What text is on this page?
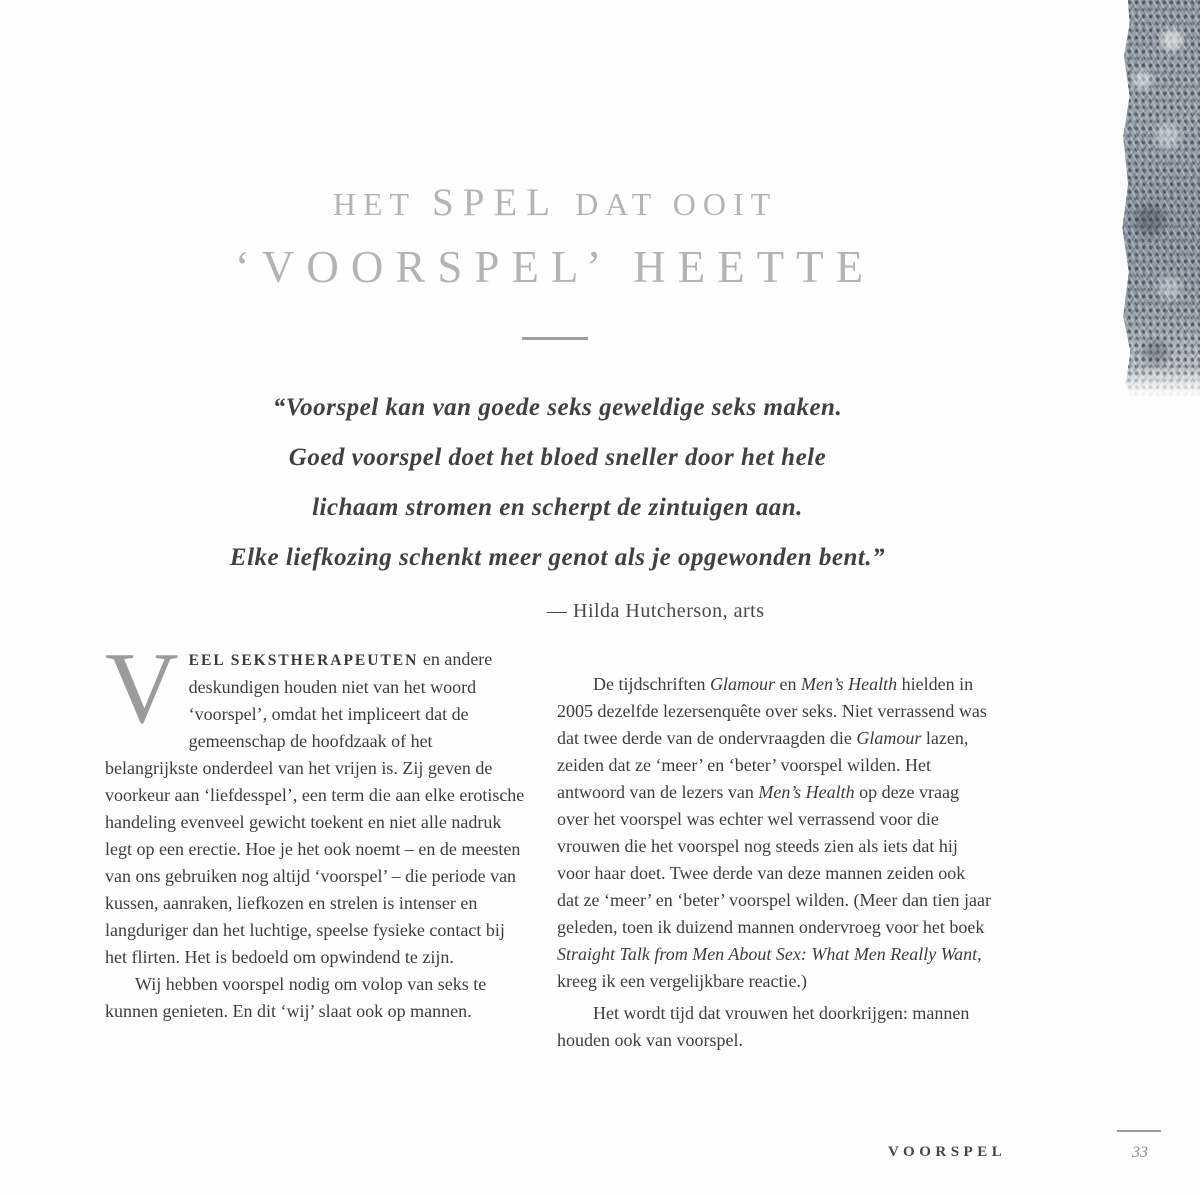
HET SPEL DAT OOIT
‘VOORSPEL’ HEETTE
“Voorspel kan van goede seks geweldige seks maken.
Goed voorspel doet het bloed sneller door het hele
lichaam stromen en scherpt de zintuigen aan.
Elke liefkozing schenkt meer genot als je opgewonden bent.”
— Hilda Hutcherson, arts

VEEL SEKSTHERAPEUTEN en andere deskundigen houden niet van het woord ‘voorspel’, omdat het impliceert dat de gemeenschap de hoofdzaak of het belangrijkste onderdeel van het vrijen is. Zij geven de voorkeur aan ‘liefdesspel’, een term die aan elke erotische handeling evenveel gewicht toekent en niet alle nadruk legt op een erectie. Hoe je het ook noemt – en de meesten van ons gebruiken nog altijd ‘voorspel’ – die periode van kussen, aanraken, liefkozen en strelen is intenser en langduriger dan het luchtige, speelse fysieke contact bij het flirten. Het is bedoeld om opwindend te zijn.

Wij hebben voorspel nodig om volop van seks te kunnen genieten. En dit ‘wij’ slaat ook op mannen.

De tijdschriften Glamour en Men’s Health hielden in 2005 dezelfde lezersenquête over seks. Niet verrassend was dat twee derde van de ondervraagden die Glamour lazen, zeiden dat ze ‘meer’ en ‘beter’ voorspel wilden. Het antwoord van de lezers van Men’s Health op deze vraag over het voorspel was echter wel verrassend voor die vrouwen die het voorspel nog steeds zien als iets dat hij voor haar doet. Twee derde van deze mannen zeiden ook dat ze ‘meer’ en ‘beter’ voorspel wilden. (Meer dan tien jaar geleden, toen ik duizend mannen ondervroeg voor het boek Straight Talk from Men About Sex: What Men Really Want, kreeg ik een vergelijkbare reactie.)

Het wordt tijd dat vrouwen het doorkrijgen: mannen houden ook van voorspel.

VOORSPEL	33
